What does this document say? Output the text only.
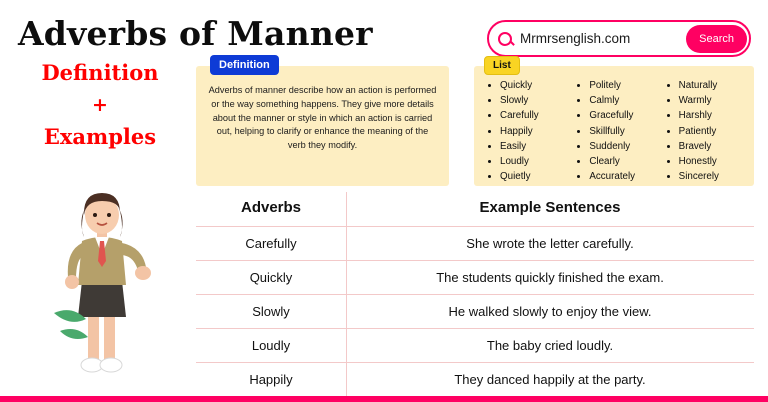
Adverbs of Manner	Mrmrsenglish.com	Search
Definition
+
Examples
Definition

Adverbs of manner describe how an action is performed or the way something happens. They give more details about the manner or style in which an action is carried out, helping to clarify or enhance the meaning of the verb they modify.

List
• Quickly
• Slowly
• Carefully
• Happily
• Easily
• Loudly
• Quietly
• Politely
• Calmly
• Gracefully
• Skillfully
• Suddenly
• Clearly
• Accurately
• Naturally
• Warmly
• Harshly
• Patiently
• Bravely
• Honestly
• Sincerely
Adverbs	Example Sentences
Carefully	She wrote the letter carefully.
Quickly	The students quickly finished the exam.
Slowly	He walked slowly to enjoy the view.
Loudly	The baby cried loudly.
Happily	They danced happily at the party.
